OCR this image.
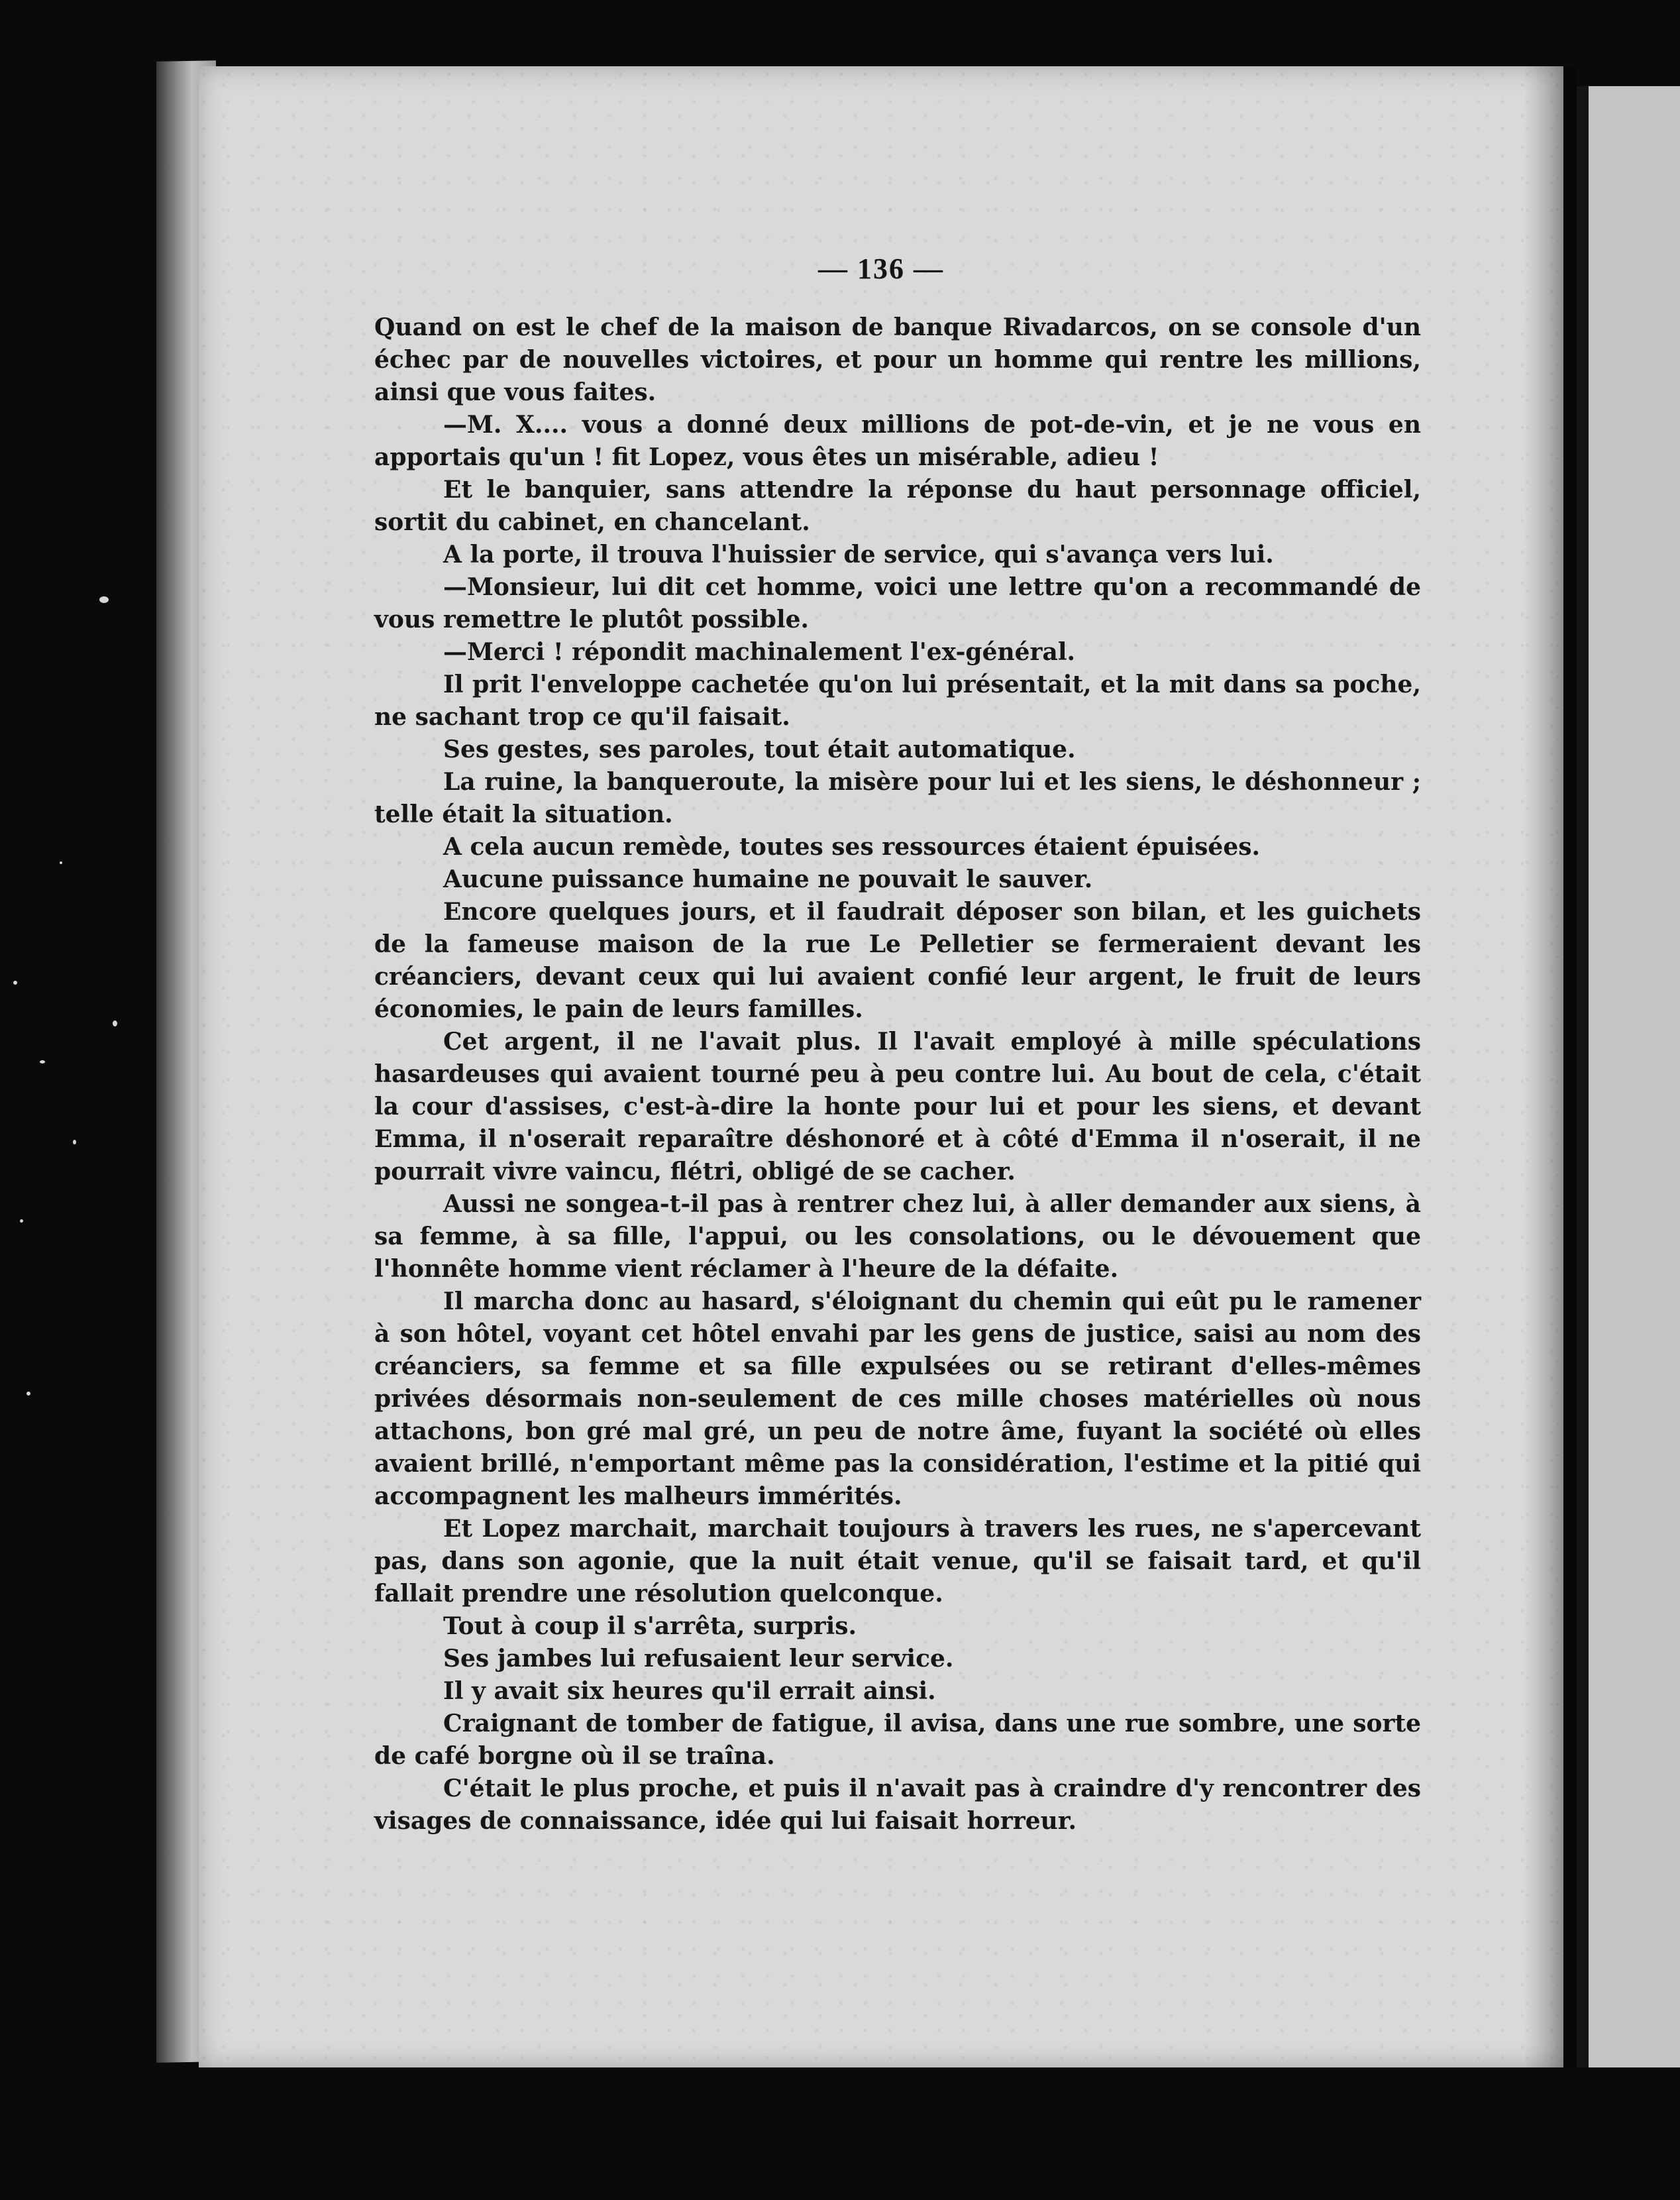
— 136 —

Quand on est le chef de la maison de banque Rivadarcos, on se console d'un échec par de nouvelles victoires, et pour un homme qui rentre les millions, ainsi que vous faites.

—M. X.... vous a donné deux millions de pot-de-vin, et je ne vous en apportais qu'un ! fit Lopez, vous êtes un misérable, adieu !

Et le banquier, sans attendre la réponse du haut personnage officiel, sortit du cabinet, en chancelant.

A la porte, il trouva l'huissier de service, qui s'avança vers lui.

—Monsieur, lui dit cet homme, voici une lettre qu'on a recommandé de vous remettre le plutôt possible.

—Merci ! répondit machinalement l'ex-général.

Il prit l'enveloppe cachetée qu'on lui présentait, et la mit dans sa poche, ne sachant trop ce qu'il faisait.

Ses gestes, ses paroles, tout était automatique.

La ruine, la banqueroute, la misère pour lui et les siens, le déshonneur ; telle était la situation.

A cela aucun remède, toutes ses ressources étaient épuisées.

Aucune puissance humaine ne pouvait le sauver.

Encore quelques jours, et il faudrait déposer son bilan, et les guichets de la fameuse maison de la rue Le Pelletier se fermeraient devant les créanciers, devant ceux qui lui avaient confié leur argent, le fruit de leurs économies, le pain de leurs familles.

Cet argent, il ne l'avait plus. Il l'avait employé à mille spéculations hasardeuses qui avaient tourné peu à peu contre lui. Au bout de cela, c'était la cour d'assises, c'est-à-dire la honte pour lui et pour les siens, et devant Emma, il n'oserait reparaître déshonoré et à côté d'Emma il n'oserait, il ne pourrait vivre vaincu, flétri, obligé de se cacher.

Aussi ne songea-t-il pas à rentrer chez lui, à aller demander aux siens, à sa femme, à sa fille, l'appui, ou les consolations, ou le dévouement que l'honnête homme vient réclamer à l'heure de la défaite.

Il marcha donc au hasard, s'éloignant du chemin qui eût pu le ramener à son hôtel, voyant cet hôtel envahi par les gens de justice, saisi au nom des créanciers, sa femme et sa fille expulsées ou se retirant d'elles-mêmes privées désormais non-seulement de ces mille choses matérielles où nous attachons, bon gré mal gré, un peu de notre âme, fuyant la société où elles avaient brillé, n'emportant même pas la considération, l'estime et la pitié qui accompagnent les malheurs immérités.

Et Lopez marchait, marchait toujours à travers les rues, ne s'apercevant pas, dans son agonie, que la nuit était venue, qu'il se faisait tard, et qu'il fallait prendre une résolution quelconque.

Tout à coup il s'arrêta, surpris.

Ses jambes lui refusaient leur service.

Il y avait six heures qu'il errait ainsi.

Craignant de tomber de fatigue, il avisa, dans une rue sombre, une sorte de café borgne où il se traîna.

C'était le plus proche, et puis il n'avait pas à craindre d'y rencontrer des visages de connaissance, idée qui lui faisait horreur.
